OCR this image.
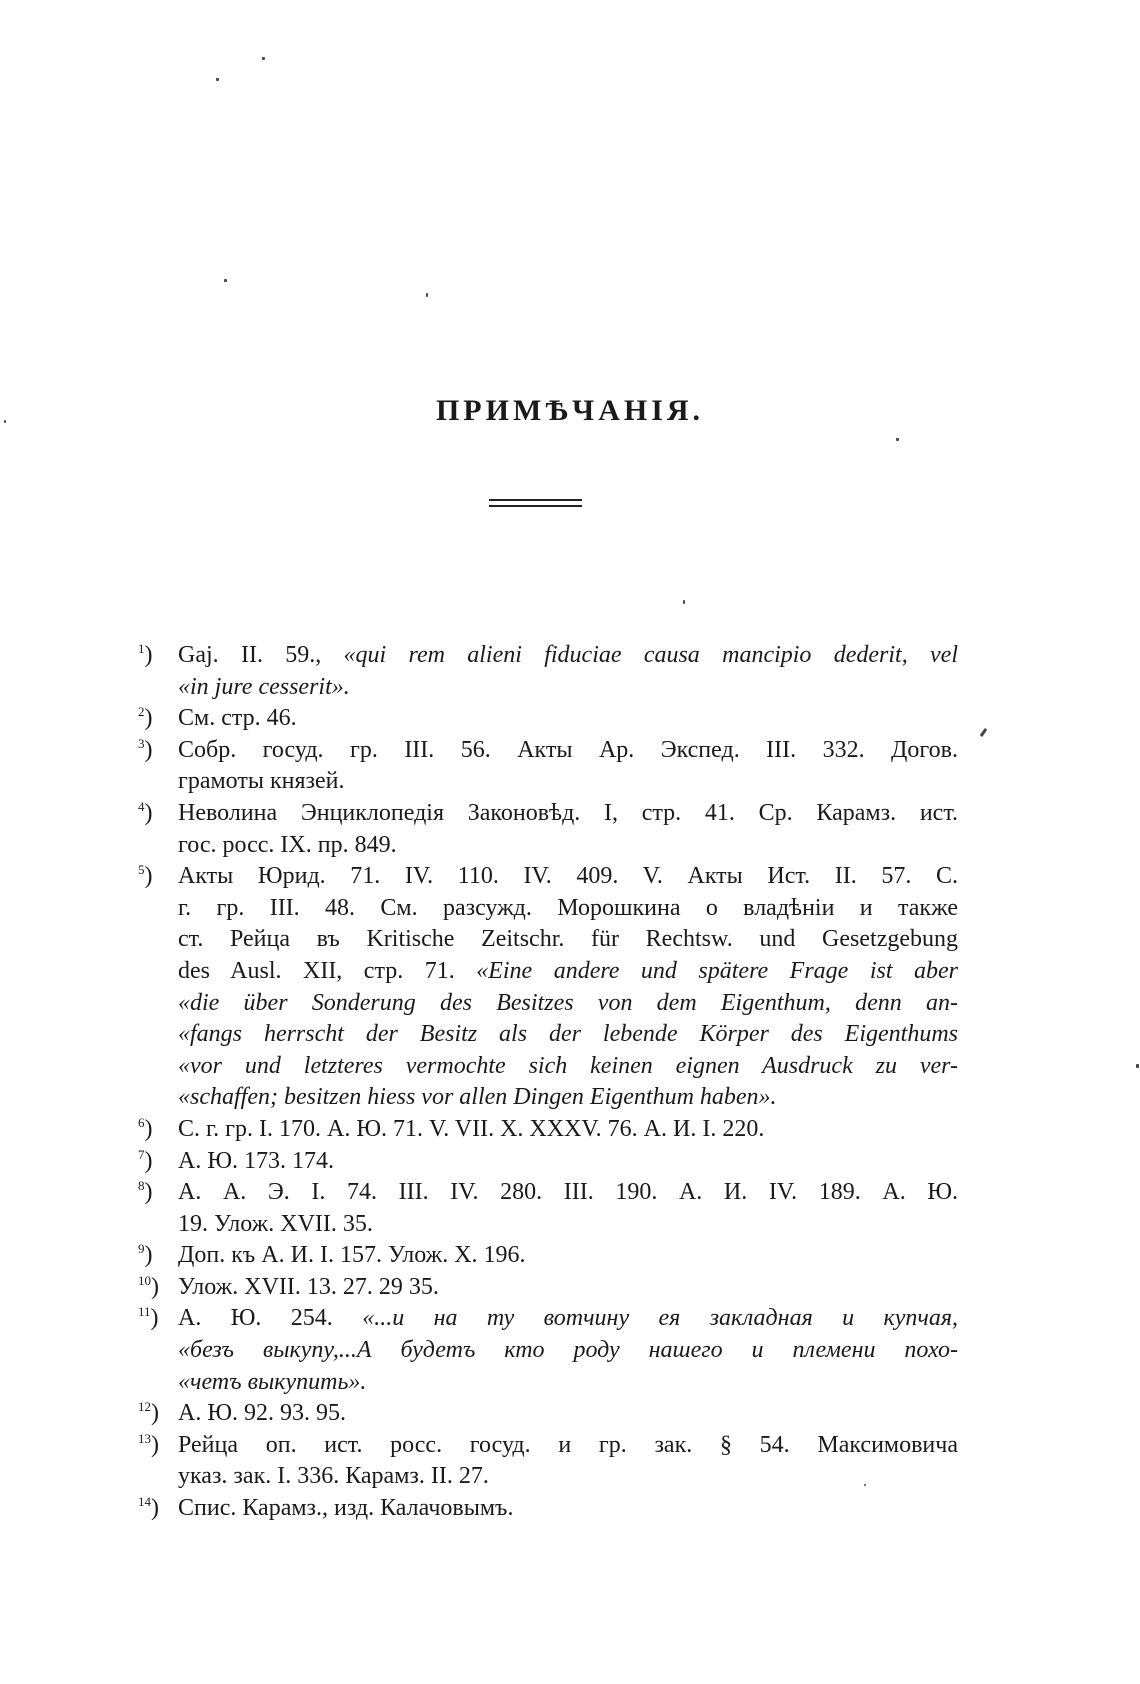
ПРИМѢЧАНІЯ.
$^1$)	Gaj. II. 59., «qui rem alieni fiduciae causa mancipio dederit, vel
«in jure cesserit».
$^2$)	См. стр. 46.
$^3$)	Собр. госуд. гр. III. 56. Акты Ар. Экспед. III. 332. Догов.
грамоты князей.
$^4$)	Неволина Энциклопедія Законовѣд. I, стр. 41. Ср. Карамз. ист.
гос. росс. IX. пр. 849.
$^5$)	Акты Юрид. 71. IV. 110. IV. 409. V. Акты Ист. II. 57. С.
г. гр. III. 48. См. разсужд. Морошкина о владѣніи и также
ст. Рейца въ Kritische Zeitschr. für Rechtsw. und Gesetzgebung
des Ausl. XII, стр. 71. «Eine andere und spätere Frage ist aber
«die über Sonderung des Besitzes von dem Eigenthum, denn an-
«fangs herrscht der Besitz als der lebende Körper des Eigenthums
«vor und letzteres vermochte sich keinen eignen Ausdruck zu ver-
«schaffen; besitzen hiess vor allen Dingen Eigenthum haben».
$^6$)	С. г. гр. I. 170. А. Ю. 71. V. VII. X. XXXV. 76. А. И. I. 220.
$^7$)	А. Ю. 173. 174.
$^8$)	А. А. Э. I. 74. III. IV. 280. III. 190. А. И. IV. 189. А. Ю.
19. Улож. XVII. 35.
$^9$)	Доп. къ А. И. I. 157. Улож. X. 196.
$^{10}$) Улож. XVII. 13. 27. 29 35.
$^{11}$) А. Ю. 254. «...и на ту вотчину ея закладная и купчая,
«безъ выкупу,...А будетъ кто роду нашего и племени похо-
«четъ выкупить».
$^{12}$) А. Ю. 92. 93. 95.
$^{13}$) Рейца оп. ист. росс. госуд. и гр. зак. § 54. Максимовича
указ. зак. I. 336. Карамз. II. 27.
$^{14}$) Спис. Карамз., изд. Калачовымъ.
